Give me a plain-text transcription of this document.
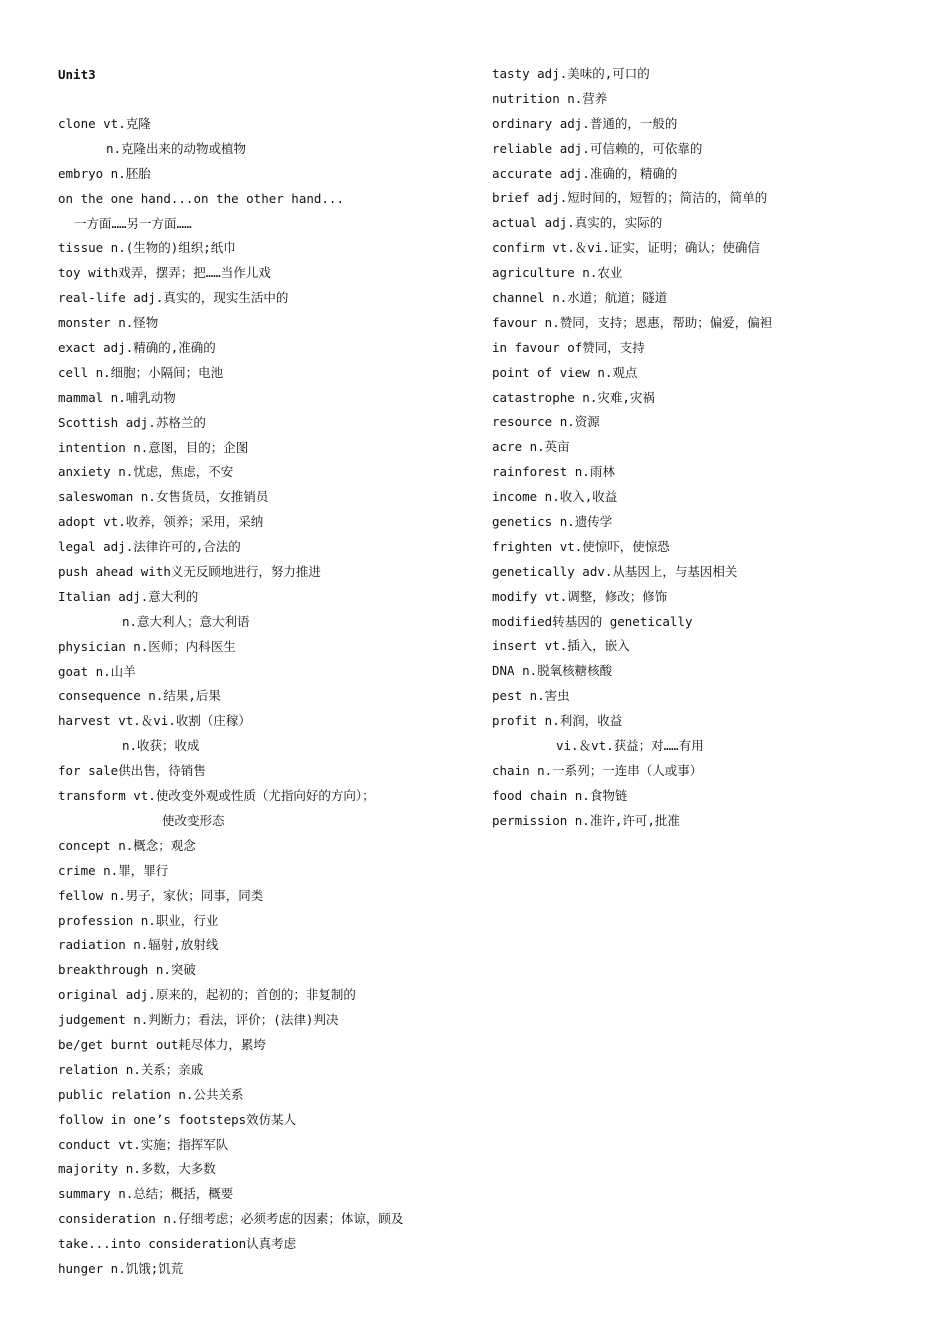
Unit3
clone vt.克隆
n.克隆出来的动物或植物
embryo n.胚胎
on the one hand...on the other hand...
一方面……另一方面……
tissue n.(生物的)组织;纸巾
toy with戏弄，摆弄；把……当作儿戏
real-life adj.真实的，现实生活中的
monster n.怪物
exact adj.精确的,准确的
cell n.细胞；小隔间；电池
mammal n.哺乳动物
Scottish adj.苏格兰的
intention n.意图，目的；企图
anxiety n.忧虑，焦虑，不安
saleswoman n.女售货员，女推销员
adopt vt.收养，领养；采用，采纳
legal adj.法律许可的,合法的
push ahead with义无反顾地进行，努力推进
Italian adj.意大利的
n.意大利人；意大利语
physician n.医师；内科医生
goat n.山羊
consequence n.结果,后果
harvest vt.＆vi.收割（庄稼）
n.收获；收成
for sale供出售，待销售
transform vt.使改变外观或性质（尤指向好的方向）；
使改变形态
concept n.概念；观念
crime n.罪，罪行
fellow n.男子，家伙；同事，同类
profession n.职业，行业
radiation n.辐射,放射线
breakthrough n.突破
original adj.原来的，起初的；首创的；非复制的
judgement n.判断力；看法，评价；(法律)判决
be/get burnt out耗尽体力，累垮
relation n.关系；亲戚
public relation n.公共关系
follow in one’s footsteps效仿某人
conduct vt.实施；指挥军队
majority n.多数，大多数
summary n.总结；概括，概要
consideration n.仔细考虑；必须考虑的因素；体谅，顾及
take...into consideration认真考虑
hunger n.饥饿;饥荒
tasty adj.美味的,可口的
nutrition n.营养
ordinary adj.普通的，一般的
reliable adj.可信赖的，可依靠的
accurate adj.准确的，精确的
brief adj.短时间的，短暂的；简洁的，简单的
actual adj.真实的，实际的
confirm vt.＆vi.证实，证明；确认；使确信
agriculture n.农业
channel n.水道；航道；隧道
favour n.赞同，支持；恩惠，帮助；偏爱，偏袒
in favour of赞同，支持
point of view n.观点
catastrophe n.灾难,灾祸
resource n.资源
acre n.英亩
rainforest n.雨林
income n.收入,收益
genetics n.遗传学
frighten vt.使惊吓，使惊恐
genetically adv.从基因上，与基因相关
modify vt.调整，修改；修饰
modified转基因的 genetically
insert vt.插入，嵌入
DNA n.脱氧核糖核酸
pest n.害虫
profit n.利润，收益
vi.＆vt.获益；对……有用
chain n.一系列；一连串（人或事）
food chain n.食物链
permission n.准许,许可,批准
